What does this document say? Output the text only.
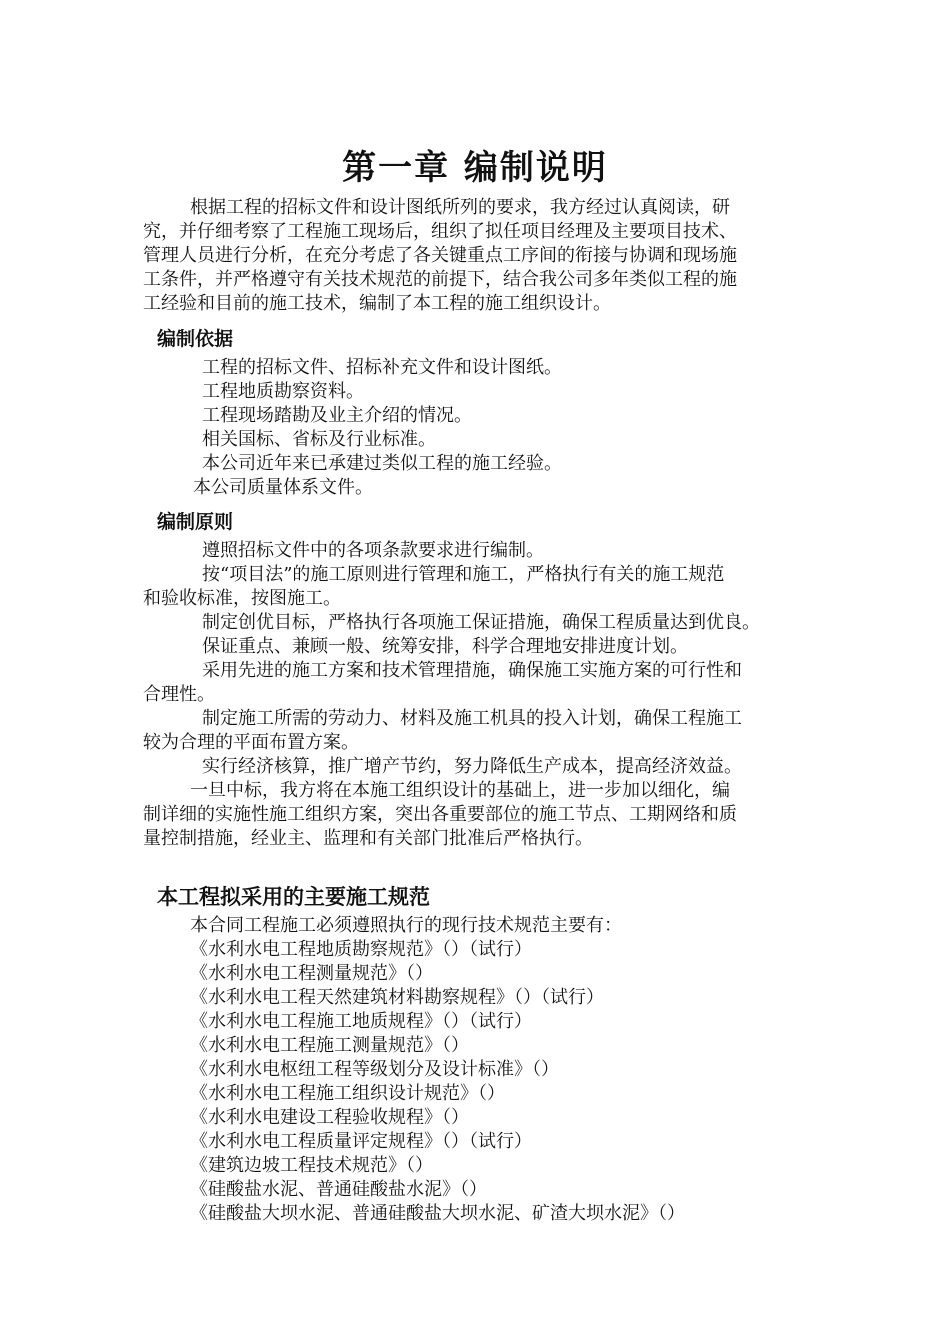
第一章 编制说明
根据工程的招标文件和设计图纸所列的要求，我方经过认真阅读，研
究，并仔细考察了工程施工现场后，组织了拟任项目经理及主要项目技术、
管理人员进行分析，在充分考虑了各关键重点工序间的衔接与协调和现场施
工条件，并严格遵守有关技术规范的前提下，结合我公司多年类似工程的施
工经验和目前的施工技术，编制了本工程的施工组织设计。
编制依据
工程的招标文件、招标补充文件和设计图纸。
工程地质勘察资料。
工程现场踏勘及业主介绍的情况。
相关国标、省标及行业标准。
本公司近年来已承建过类似工程的施工经验。
本公司质量体系文件。
编制原则
遵照招标文件中的各项条款要求进行编制。
按“项目法”的施工原则进行管理和施工，严格执行有关的施工规范
和验收标准，按图施工。
制定创优目标，严格执行各项施工保证措施，确保工程质量达到优良。
保证重点、兼顾一般、统筹安排，科学合理地安排进度计划。
采用先进的施工方案和技术管理措施，确保施工实施方案的可行性和
合理性。
制定施工所需的劳动力、材料及施工机具的投入计划，确保工程施工
较为合理的平面布置方案。
实行经济核算，推广增产节约，努力降低生产成本，提高经济效益。
一旦中标，我方将在本施工组织设计的基础上，进一步加以细化，编
制详细的实施性施工组织方案，突出各重要部位的施工节点、工期网络和质
量控制措施，经业主、监理和有关部门批准后严格执行。
本工程拟采用的主要施工规范
本合同工程施工必须遵照执行的现行技术规范主要有：
《水利水电工程地质勘察规范》（）（试行）
《水利水电工程测量规范》（）
《水利水电工程天然建筑材料勘察规程》（）（试行）
《水利水电工程施工地质规程》（）（试行）
《水利水电工程施工测量规范》（）
《水利水电枢纽工程等级划分及设计标准》（）
《水利水电工程施工组织设计规范》（）
《水利水电建设工程验收规程》（）
《水利水电工程质量评定规程》（）（试行）
《建筑边坡工程技术规范》（）
《硅酸盐水泥、普通硅酸盐水泥》（）
《硅酸盐大坝水泥、普通硅酸盐大坝水泥、矿渣大坝水泥》（）
